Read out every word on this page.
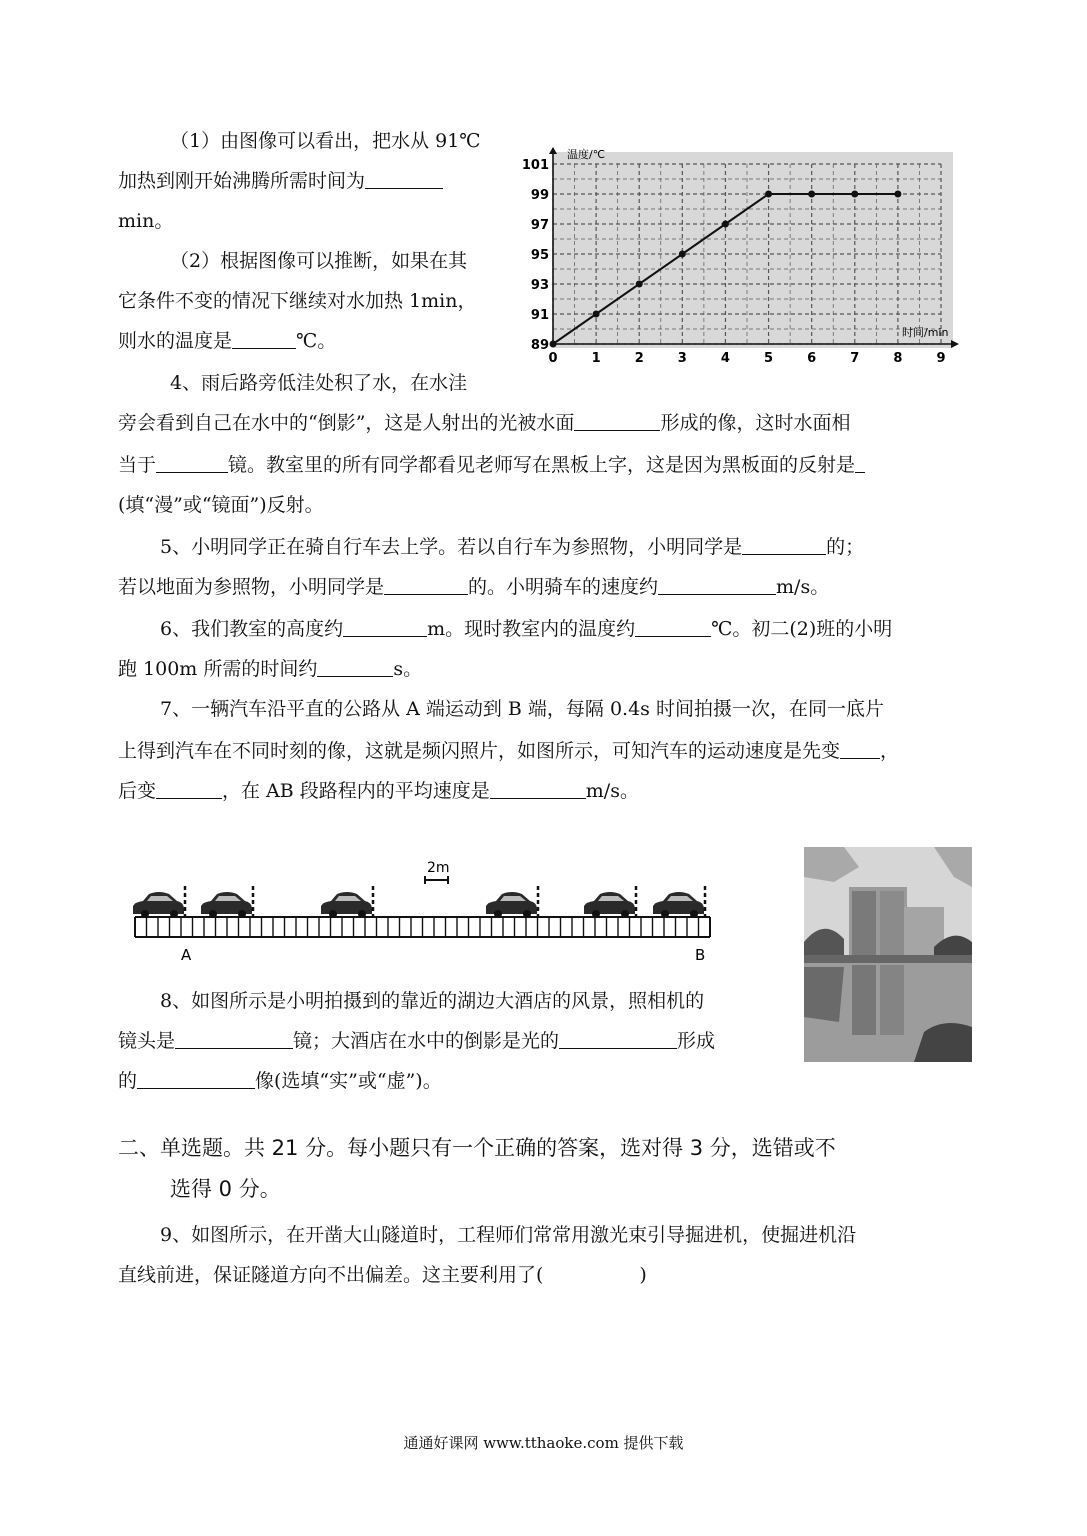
（1）由图像可以看出，把水从 91℃
加热到刚开始沸腾所需时间为
min。
（2）根据图像可以推断，如果在其
它条件不变的情况下继续对水加热 1min，
则水的温度是	℃。
101
99
97
95
93
91
89
0	1	2	3	4	5	6	7	8	9
温度/℃
时间/min
4、雨后路旁低洼处积了水，在水洼
旁会看到自己在水中的“倒影”，这是人射出的光被水面	形成的像，这时水面相
当于	镜。教室里的所有同学都看见老师写在黑板上字，这是因为黑板面的反射是
(填“漫”或“镜面”)反射。
5、小明同学正在骑自行车去上学。若以自行车为参照物，小明同学是	的；
若以地面为参照物，小明同学是	的。小明骑车的速度约	m/s。
6、我们教室的高度约	m。现时教室内的温度约	℃。初二(2)班的小明
跑 100m 所需的时间约	s。
7、一辆汽车沿平直的公路从 A 端运动到 B 端，每隔 0.4s 时间拍摄一次，在同一底片
上得到汽车在不同时刻的像，这就是频闪照片，如图所示，可知汽车的运动速度是先变 ，
后变	，在 AB 段路程内的平均速度是	m/s。
2m
A	B
8、如图所示是小明拍摄到的靠近的湖边大酒店的风景，照相机的
镜头是	镜；大酒店在水中的倒影是光的	形成
的	像(选填“实”或“虚”)。
二、单选题。共 21 分。每小题只有一个正确的答案，选对得 3 分，选错或不
选得 0 分。
9、如图所示，在开凿大山隧道时，工程师们常常用激光束引导掘进机，使掘进机沿
直线前进，保证隧道方向不出偏差。这主要利用了(	)
通通好课网 www.tthaoke.com 提供下载
